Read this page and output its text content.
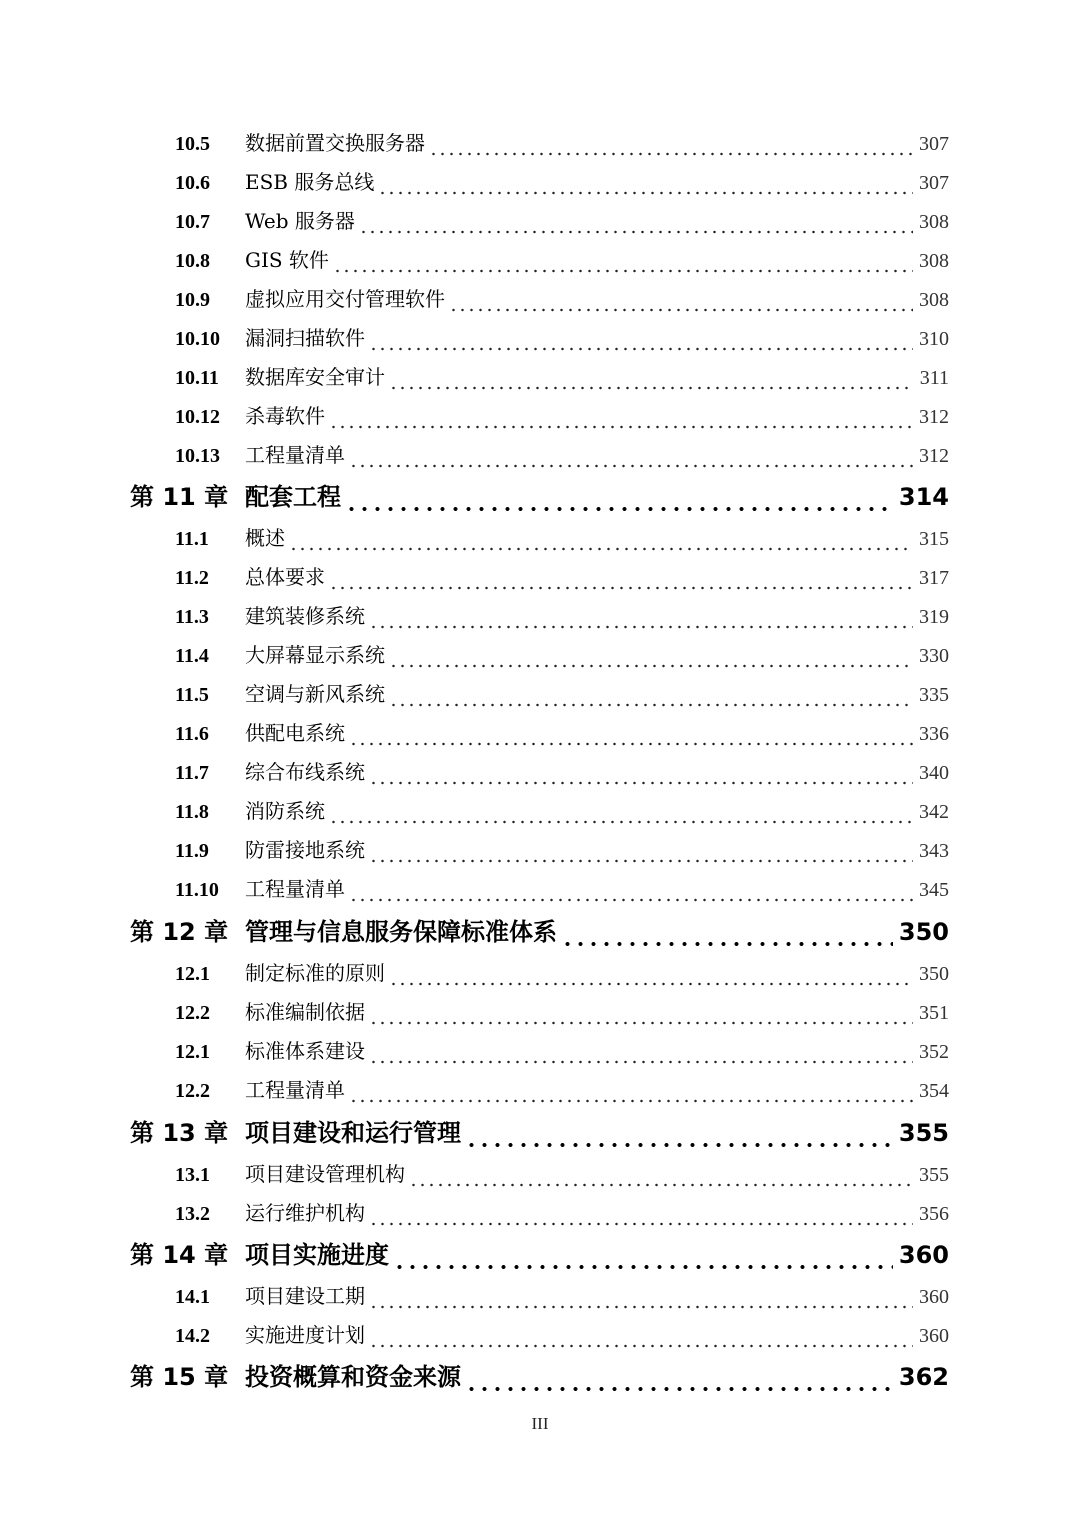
10.5	数据前置交换服务器	307
10.6	ESB 服务总线	307
10.7	Web 服务器	308
10.8	GIS 软件	308
10.9	虚拟应用交付管理软件	308
10.10	漏洞扫描软件	310
10.11	数据库安全审计	311
10.12	杀毒软件	312
10.13	工程量清单	312
第 11 章 配套工程	314
11.1	概述	315
11.2	总体要求	317
11.3	建筑装修系统	319
11.4	大屏幕显示系统	330
11.5	空调与新风系统	335
11.6	供配电系统	336
11.7	综合布线系统	340
11.8	消防系统	342
11.9	防雷接地系统	343
11.10	工程量清单	345
第 12 章 管理与信息服务保障标准体系	350
12.1	制定标准的原则	350
12.2	标准编制依据	351
12.1	标准体系建设	352
12.2	工程量清单	354
第 13 章 项目建设和运行管理	355
13.1	项目建设管理机构	355
13.2	运行维护机构	356
第 14 章 项目实施进度	360
14.1	项目建设工期	360
14.2	实施进度计划	360
第 15 章 投资概算和资金来源	362
III
